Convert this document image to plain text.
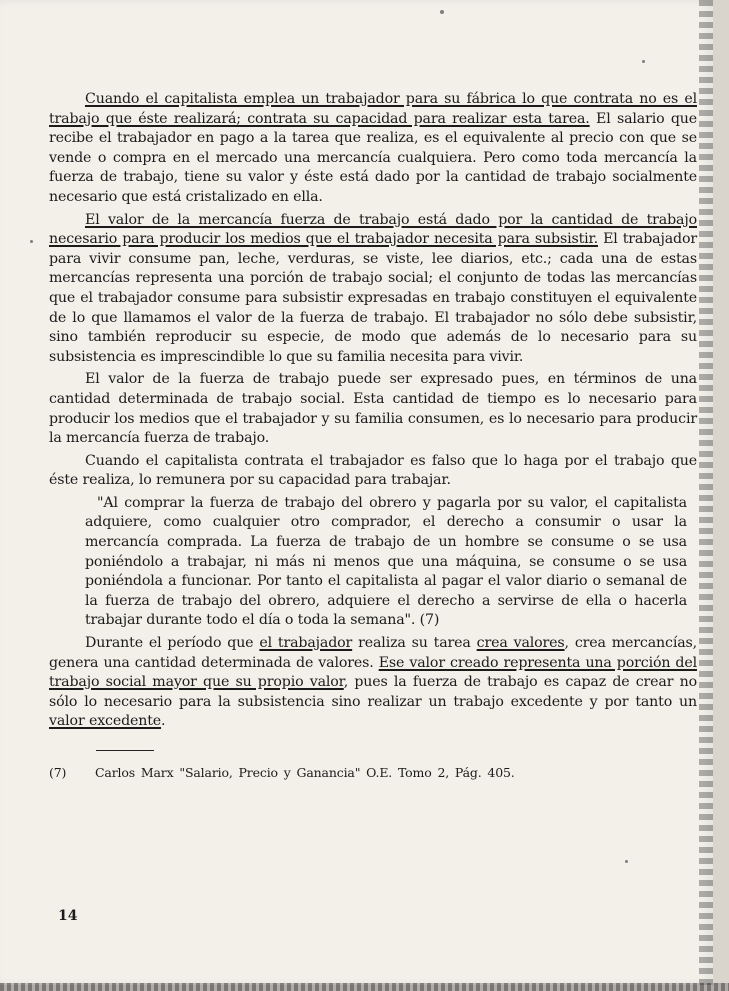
Cuando el capitalista emplea un trabajador para su fábrica lo que contrata no es el trabajo que éste realizará; contrata su capacidad para realizar esta tarea. El salario que recibe el trabajador en pago a la tarea que realiza, es el equivalente al precio con que se vende o compra en el mercado una mercancía cualquiera. Pero como toda mercancía la fuerza de trabajo, tiene su valor y éste está dado por la cantidad de trabajo socialmente necesario que está cristalizado en ella.

El valor de la mercancía fuerza de trabajo está dado por la cantidad de trabajo necesario para producir los medios que el trabajador necesita para subsistir. El trabajador para vivir consume pan, leche, verduras, se viste, lee diarios, etc.; cada una de estas mercancías representa una porción de trabajo social; el conjunto de todas las mercancías que el trabajador consume para subsistir expresadas en trabajo constituyen el equivalente de lo que llamamos el valor de la fuerza de trabajo. El trabajador no sólo debe subsistir, sino también reproducir su especie, de modo que además de lo necesario para su subsistencia es imprescindible lo que su familia necesita para vivir.

El valor de la fuerza de trabajo puede ser expresado pues, en términos de una cantidad determinada de trabajo social. Esta cantidad de tiempo es lo necesario para producir los medios que el trabajador y su familia consumen, es lo necesario para producir la mercancía fuerza de trabajo.

Cuando el capitalista contrata el trabajador es falso que lo haga por el trabajo que éste realiza, lo remunera por su capacidad para trabajar.

"Al comprar la fuerza de trabajo del obrero y pagarla por su valor, el capitalista adquiere, como cualquier otro comprador, el derecho a consumir o usar la mercancía comprada. La fuerza de trabajo de un hombre se consume o se usa poniéndolo a trabajar, ni más ni menos que una máquina, se consume o se usa poniéndola a funcionar. Por tanto el capitalista al pagar el valor diario o semanal de la fuerza de trabajo del obrero, adquiere el derecho a servirse de ella o hacerla trabajar durante todo el día o toda la semana". (7)

Durante el período que el trabajador realiza su tarea crea valores, crea mercancías, genera una cantidad determinada de valores. Ese valor creado representa una porción del trabajo social mayor que su propio valor, pues la fuerza de trabajo es capaz de crear no sólo lo necesario para la subsistencia sino realizar un trabajo excedente y por tanto un valor excedente.

(7) Carlos Marx "Salario, Precio y Ganancia" O.E. Tomo 2, Pág. 405.

14
